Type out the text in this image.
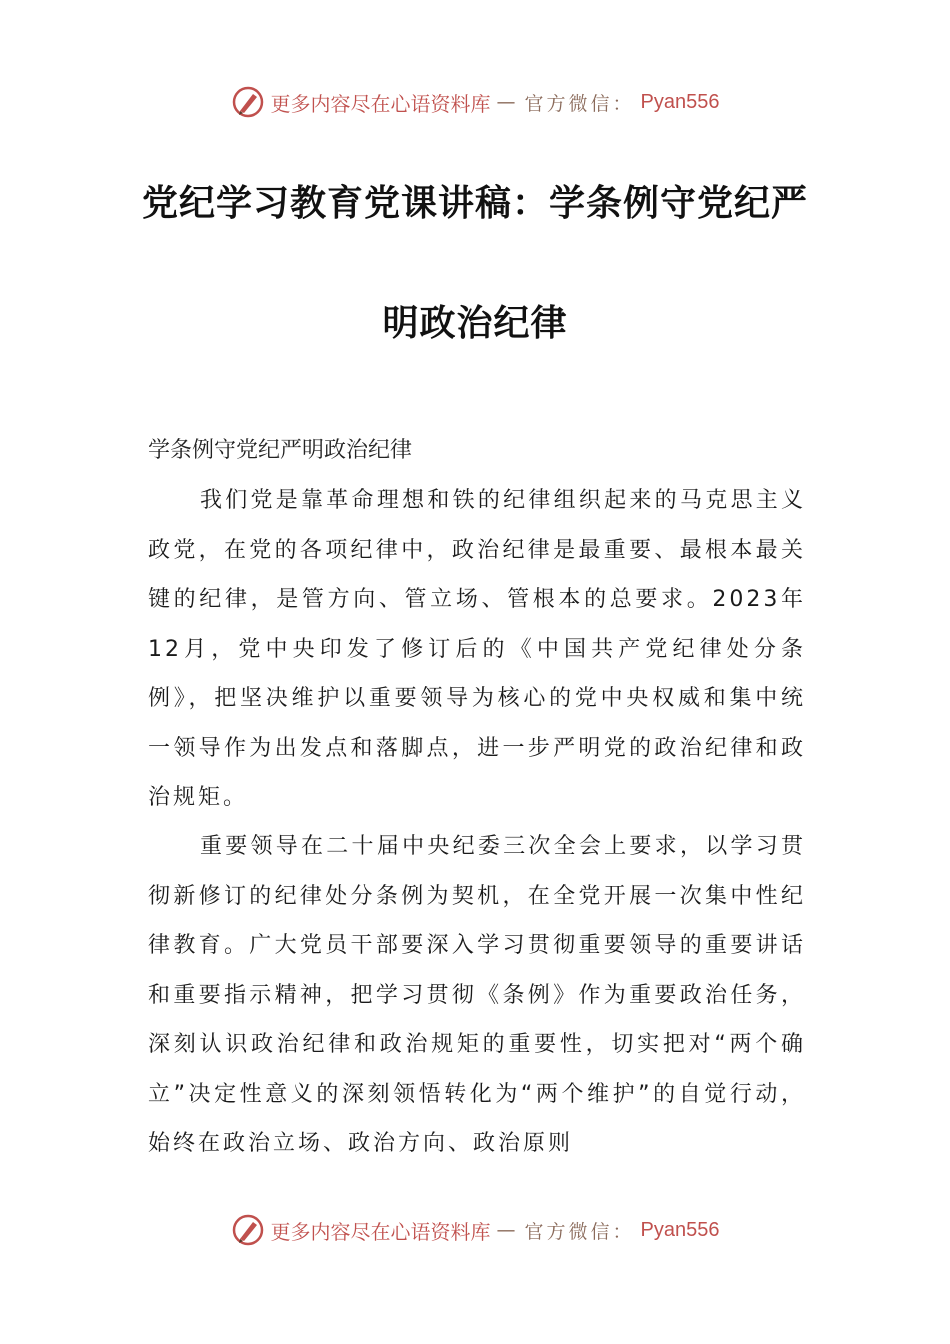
更多内容尽在心语资料库 — 官方微信： Pyan556
党纪学习教育党课讲稿：学条例守党纪严
明政治纪律
学条例守党纪严明政治纪律

我们党是靠革命理想和铁的纪律组织起来的马克思主义政党，在党的各项纪律中，政治纪律是最重要、最根本最关键的纪律，是管方向、管立场、管根本的总要求。2023年12月，党中央印发了修订后的《中国共产党纪律处分条例》，把坚决维护以重要领导为核心的党中央权威和集中统一领导作为出发点和落脚点，进一步严明党的政治纪律和政治规矩。

重要领导在二十届中央纪委三次全会上要求，以学习贯彻新修订的纪律处分条例为契机，在全党开展一次集中性纪律教育。广大党员干部要深入学习贯彻重要领导的重要讲话和重要指示精神，把学习贯彻《条例》作为重要政治任务，深刻认识政治纪律和政治规矩的重要性，切实把对“两个确立”决定性意义的深刻领悟转化为“两个维护”的自觉行动，始终在政治立场、政治方向、政治原则

更多内容尽在心语资料库 — 官方微信： Pyan556
